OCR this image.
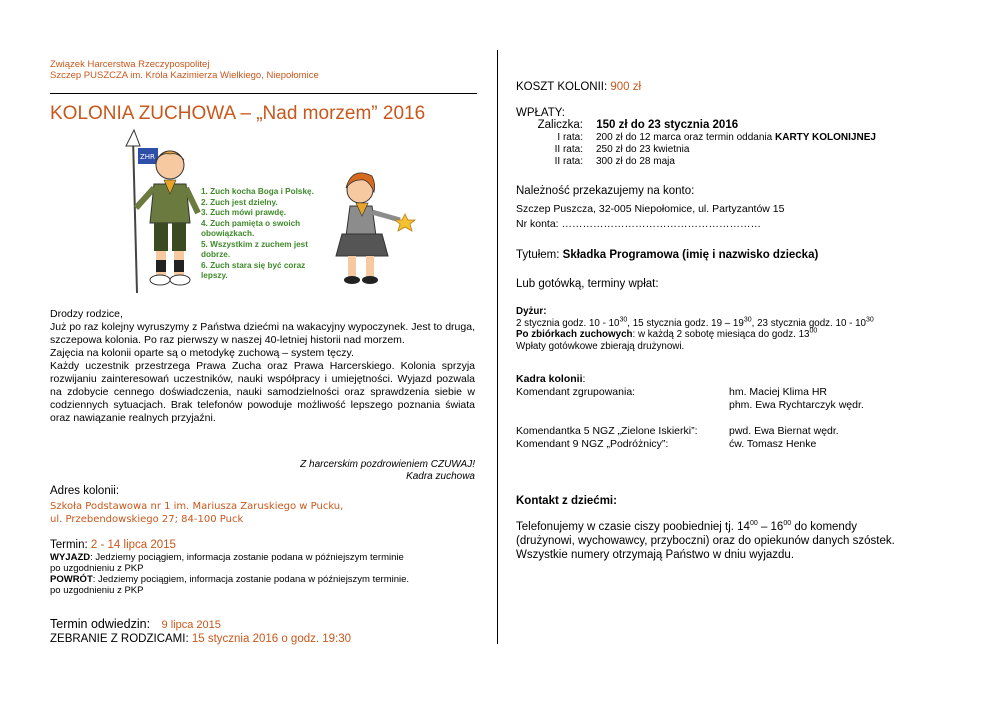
Związek Harcerstwa Rzeczypospolitej
Szczep PUSZCZA im. Króla Kazimierza Wielkiego, Niepołomice
KOLONIA ZUCHOWA – „Nad morzem” 2016
ZHR
1. Zuch kocha Boga i Polskę.
2. Zuch jest dzielny.
3. Zuch mówi prawdę.
4. Zuch pamięta o swoich obowiązkach.
5. Wszystkim z zuchem jest dobrze.
6. Zuch stara się być coraz lepszy.
Drodzy rodzice,
Już po raz kolejny wyruszymy z Państwa dziećmi na wakacyjny wypoczynek. Jest to druga, szczepowa kolonia. Po raz pierwszy w naszej 40-letniej historii nad morzem.
Zajęcia na kolonii oparte są o metodykę zuchową – system tęczy.
Każdy uczestnik przestrzega Prawa Zucha oraz Prawa Harcerskiego. Kolonia sprzyja rozwijaniu zainteresowań uczestników, nauki współpracy i umiejętności. Wyjazd pozwala na zdobycie cennego doświadczenia, nauki samodzielności oraz sprawdzenia siebie w codziennych sytuacjach. Brak telefonów powoduje możliwość lepszego poznania świata oraz nawiązanie realnych przyjaźni.
Z harcerskim pozdrowieniem CZUWAJ!
Kadra zuchowa
Adres kolonii:
Szkoła Podstawowa nr 1 im. Mariusza Zaruskiego w Pucku,
ul. Przebendowskiego 27; 84-100 Puck
Termin: 2 - 14 lipca 2015
WYJAZD: Jedziemy pociągiem, informacja zostanie podana w późniejszym terminie
po uzgodnieniu z PKP
POWRÓT: Jedziemy pociągiem, informacja zostanie podana w późniejszym terminie.
po uzgodnieniu z PKP
Termin odwiedzin: 9 lipca 2015
ZEBRANIE Z RODZICAMI: 15 stycznia 2016 o godz. 19:30
KOSZT KOLONII: 900 zł
WPŁATY:
Zaliczka: 150 zł do 23 stycznia 2016
I rata: 200 zł do 12 marca oraz termin oddania KARTY KOLONIJNEJ
II rata: 250 zł do 23 kwietnia
II rata: 300 zł do 28 maja
Należność przekazujemy na konto:
Szczep Puszcza, 32-005 Niepołomice, ul. Partyzantów 15
Nr konta: …………………………………………………
Tytułem: Składka Programowa (imię i nazwisko dziecka)
Lub gotówką, terminy wpłat:
Dyżur:
2 stycznia godz. $10 - 10^{30}$, 15 stycznia godz. $19 - 19^{30}$, 23 stycznia godz. $10 - 10^{30}$
Po zbiórkach zuchowych: w każdą 2 sobotę miesiąca do godz. $13^{00}$
Wpłaty gotówkowe zbierają drużynowi.
Kadra kolonii:
Komendant zgrupowania:	hm. Maciej Klima HR
phm. Ewa Rychtarczyk wędr.
Komendantka 5 NGZ „Zielone Iskierki”:	pwd. Ewa Biernat wędr.
Komendant 9 NGZ „Podróżnicy”:	ćw. Tomasz Henke
Kontakt z dziećmi:
Telefonujemy w czasie ciszy poobiedniej tj. $14^{00} - 16^{00}$ do komendy
(drużynowi, wychowawcy, przyboczni) oraz do opiekunów danych szóstek.
Wszystkie numery otrzymają Państwo w dniu wyjazdu.
